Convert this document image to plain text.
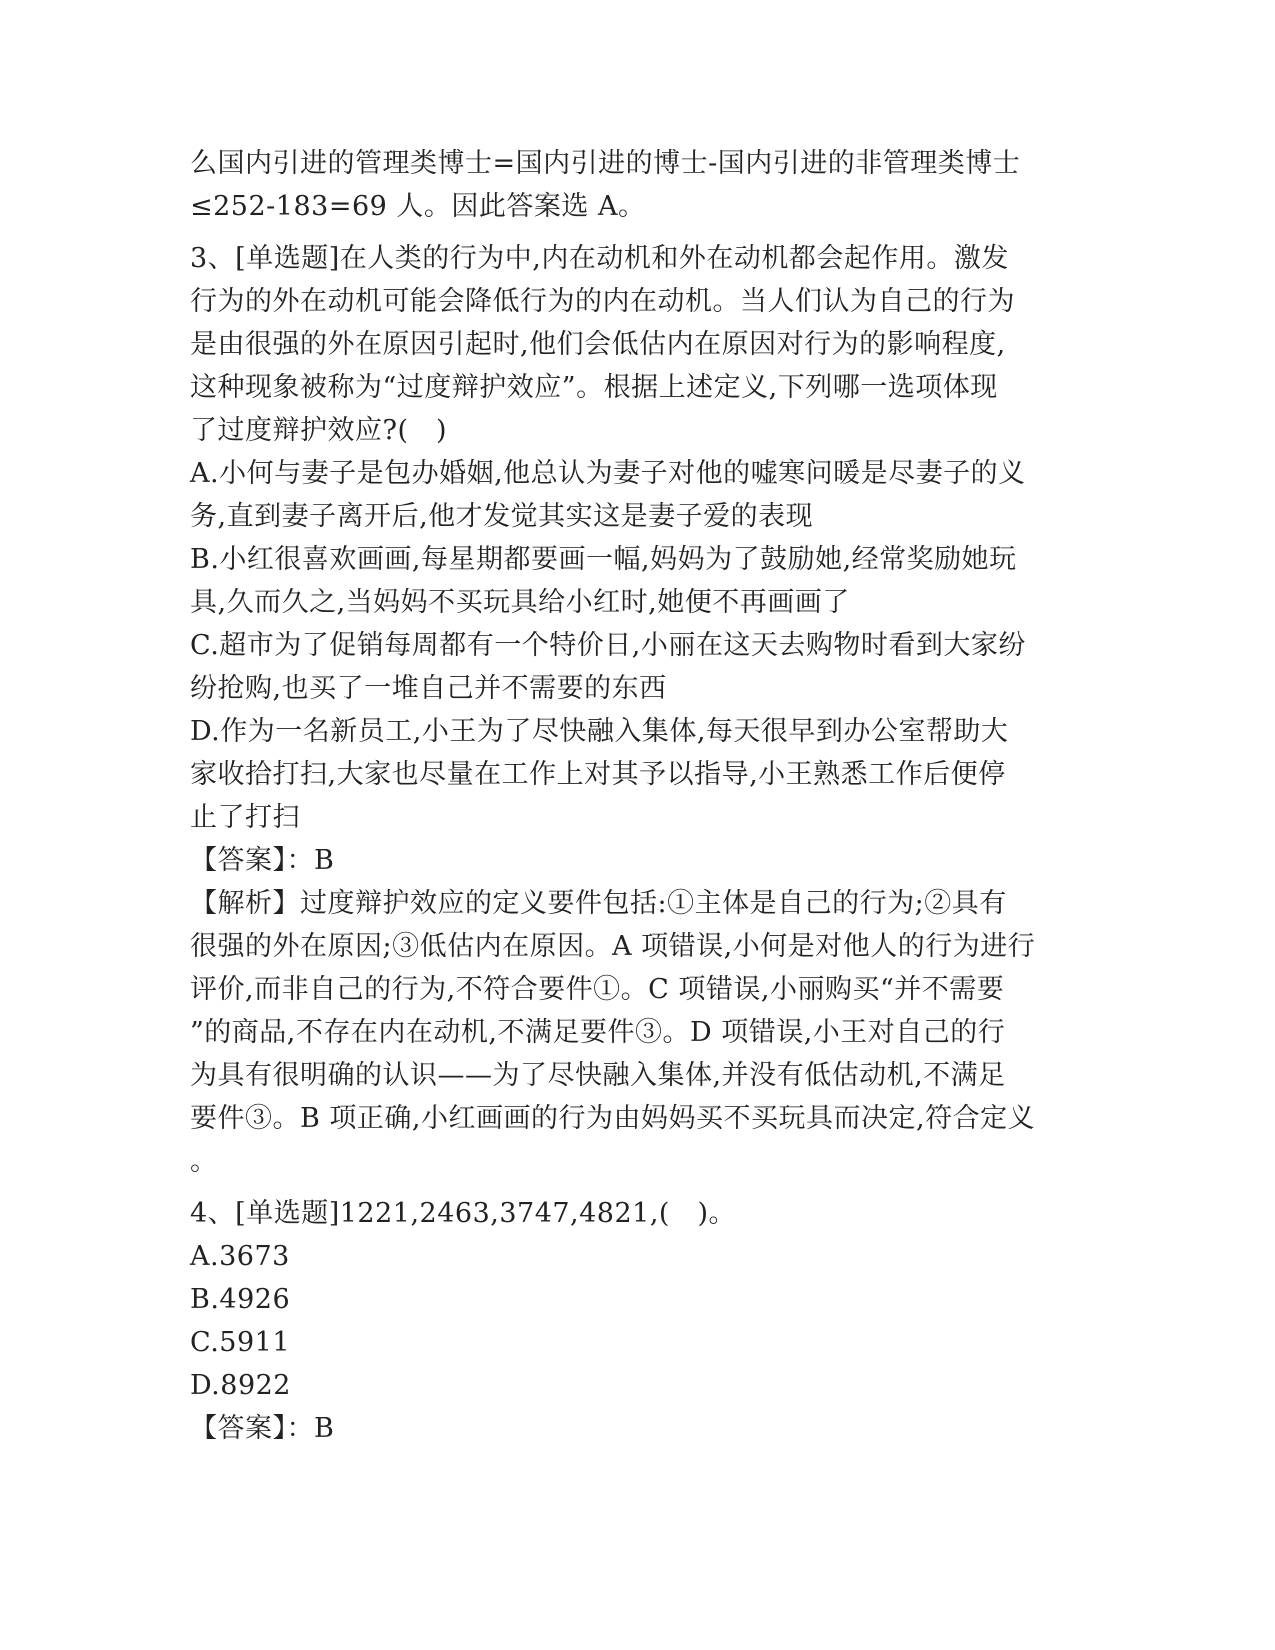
么国内引进的管理类博士=国内引进的博士-国内引进的非管理类博士
≤252-183=69 人。因此答案选 A。
3、[单选题]在人类的行为中,内在动机和外在动机都会起作用。激发
行为的外在动机可能会降低行为的内在动机。当人们认为自己的行为
是由很强的外在原因引起时,他们会低估内在原因对行为的影响程度,
这种现象被称为“过度辩护效应”。根据上述定义,下列哪一选项体现
了过度辩护效应?(　)
A.小何与妻子是包办婚姻,他总认为妻子对他的嘘寒问暖是尽妻子的义
务,直到妻子离开后,他才发觉其实这是妻子爱的表现
B.小红很喜欢画画,每星期都要画一幅,妈妈为了鼓励她,经常奖励她玩
具,久而久之,当妈妈不买玩具给小红时,她便不再画画了
C.超市为了促销每周都有一个特价日,小丽在这天去购物时看到大家纷
纷抢购,也买了一堆自己并不需要的东西
D.作为一名新员工,小王为了尽快融入集体,每天很早到办公室帮助大
家收拾打扫,大家也尽量在工作上对其予以指导,小王熟悉工作后便停
止了打扫
【答案】：B
【解析】过度辩护效应的定义要件包括:①主体是自己的行为;②具有
很强的外在原因;③低估内在原因。A 项错误,小何是对他人的行为进行
评价,而非自己的行为,不符合要件①。C 项错误,小丽购买“并不需要
”的商品,不存在内在动机,不满足要件③。D 项错误,小王对自己的行
为具有很明确的认识——为了尽快融入集体,并没有低估动机,不满足
要件③。B 项正确,小红画画的行为由妈妈买不买玩具而决定,符合定义
。
4、[单选题]1221,2463,3747,4821,(　)。
A.3673
B.4926
C.5911
D.8922
【答案】：B
